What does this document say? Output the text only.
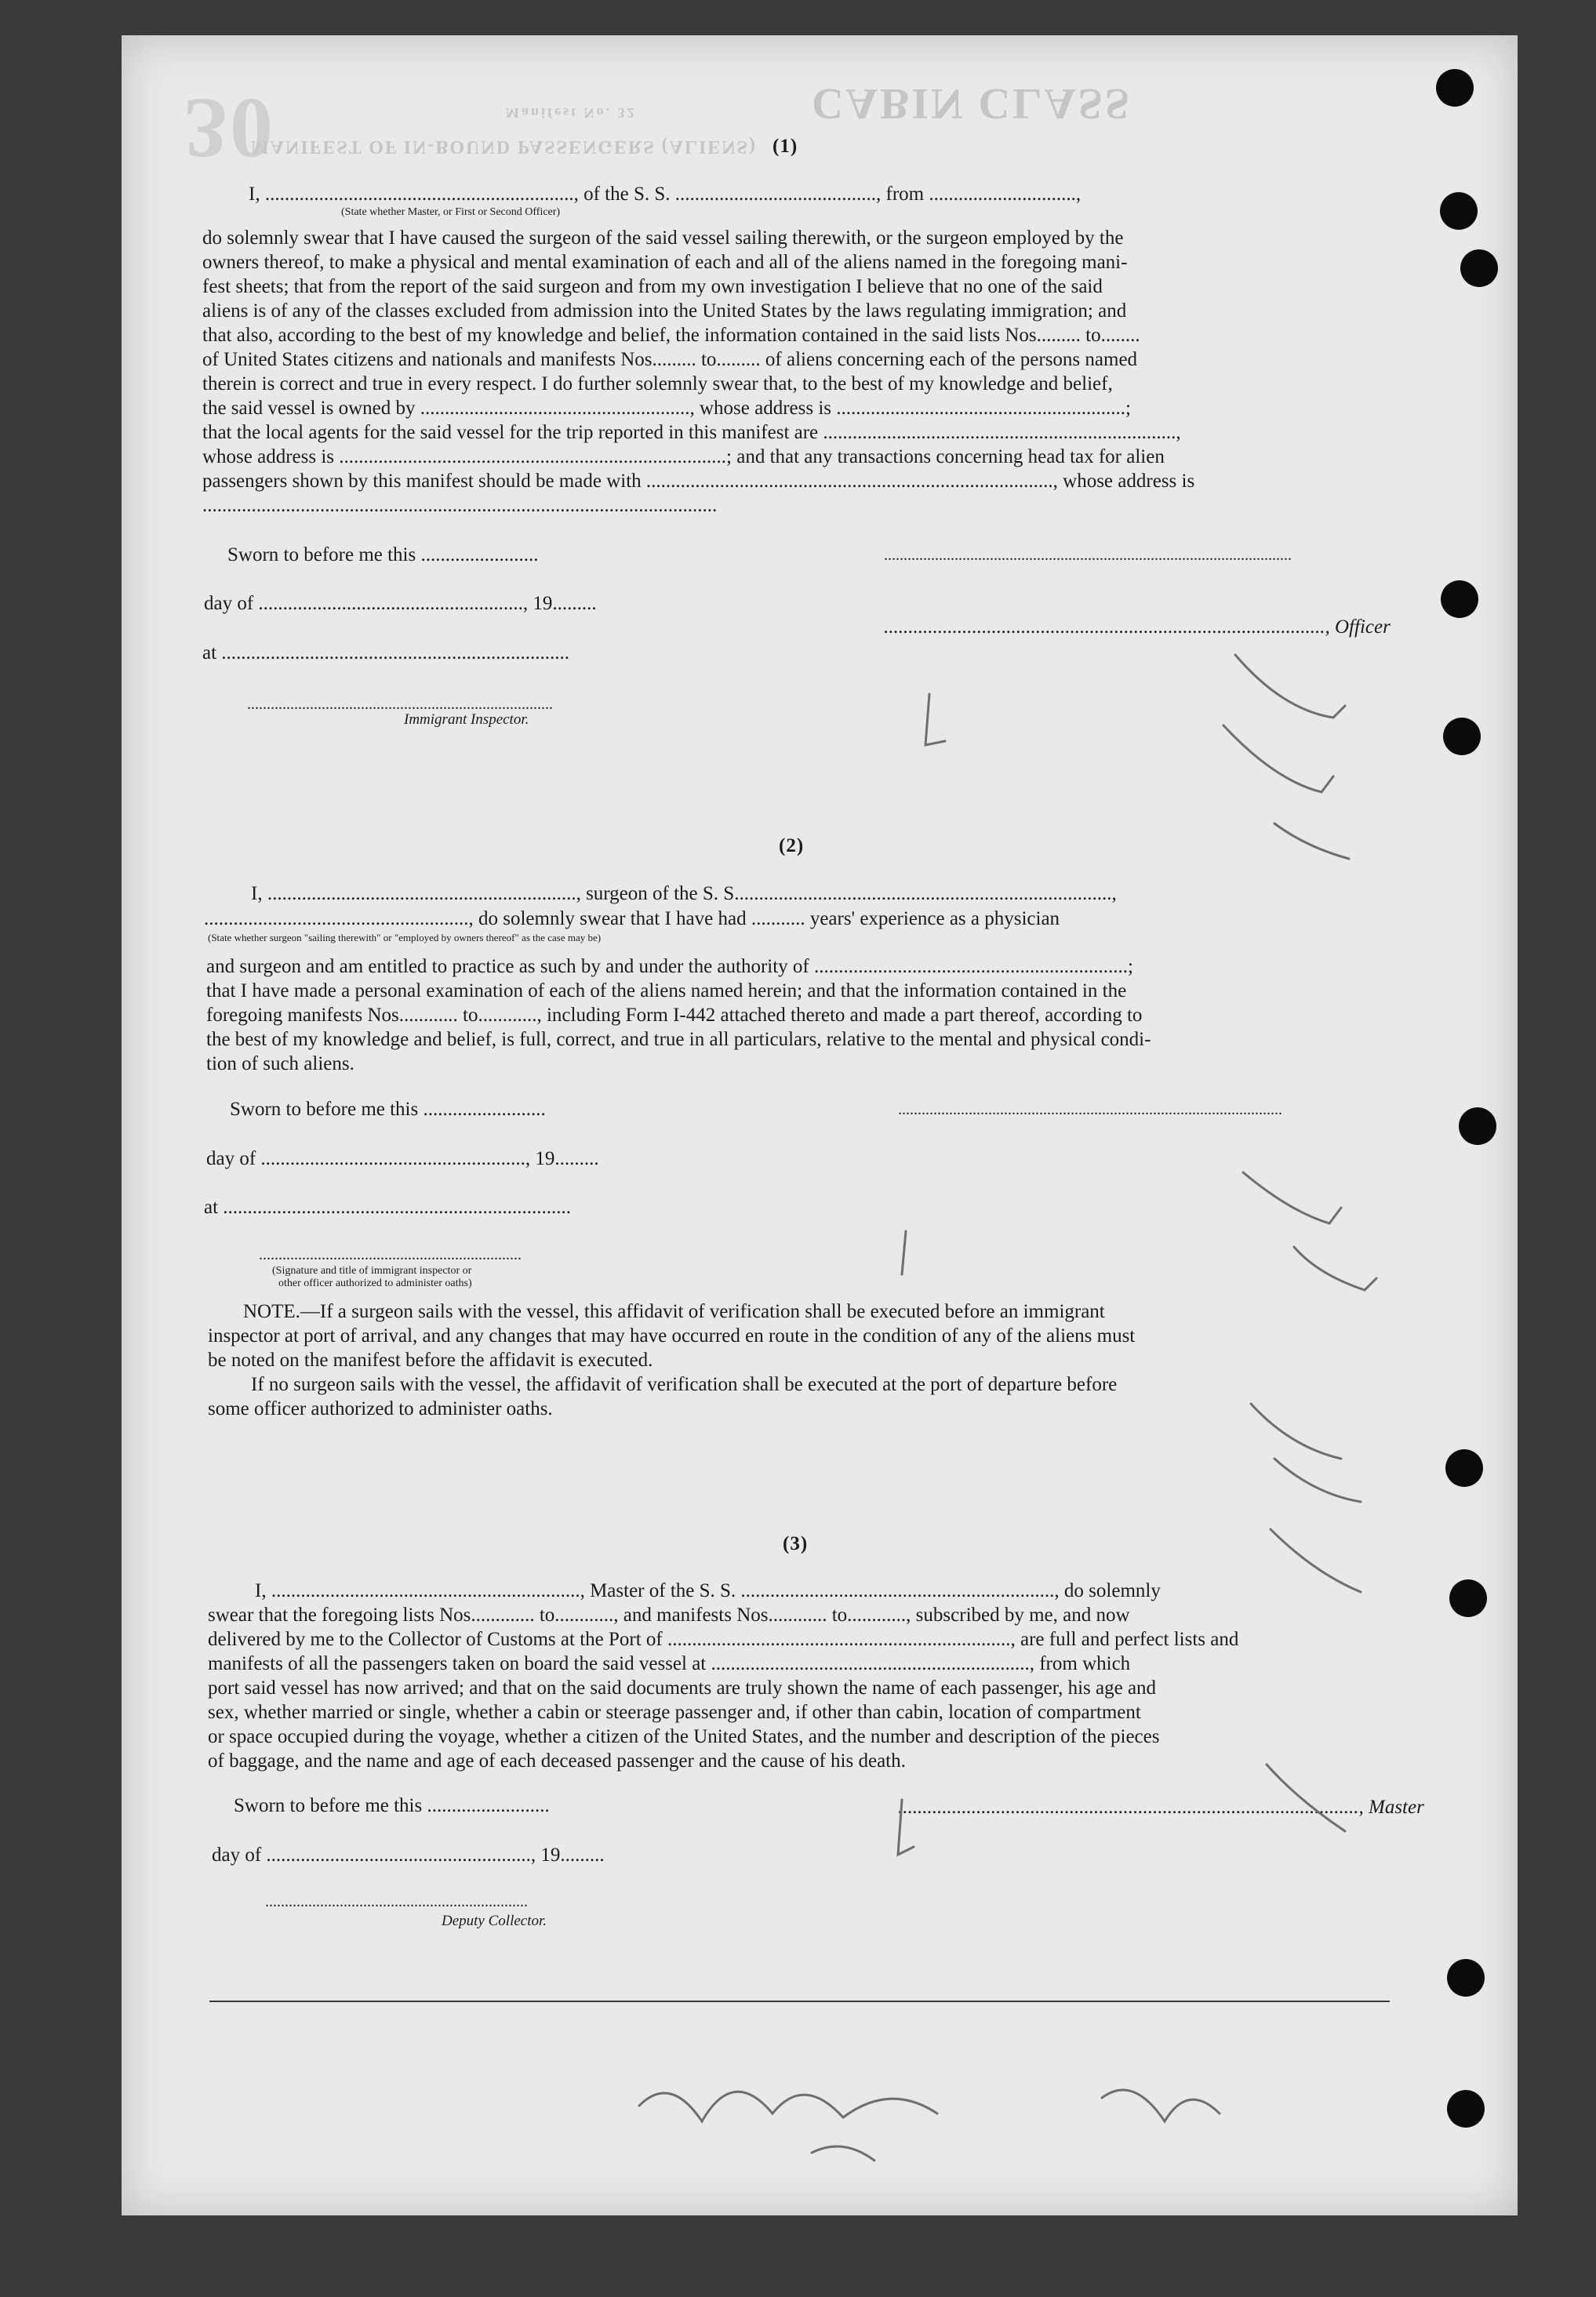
CABIN CLASS
MANIFEST OF IN-BOUND PASSENGERS (ALIENS)
Manifest No. 32
30	(1)
I, ..............................................................., of the S. S. ........................................., from ..............................,
(State whether Master, or First or Second Officer)
do solemnly swear that I have caused the surgeon of the said vessel sailing therewith, or the surgeon employed by the
owners thereof, to make a physical and mental examination of each and all of the aliens named in the foregoing mani-
fest sheets; that from the report of the said surgeon and from my own investigation I believe that no one of the said
aliens is of any of the classes excluded from admission into the United States by the laws regulating immigration; and
that also, according to the best of my knowledge and belief, the information contained in the said lists Nos......... to........
of United States citizens and nationals and manifests Nos......... to......... of aliens concerning each of the persons named
therein is correct and true in every respect. I do further solemnly swear that, to the best of my knowledge and belief,
the said vessel is owned by ......................................................., whose address is ...........................................................;
that the local agents for the said vessel for the trip reported in this manifest are ........................................................................,
whose address is ...............................................................................; and that any transactions concerning head tax for alien
passengers shown by this manifest should be made with ..................................................................................., whose address is
.........................................................................................................
Sworn to before me this ........................	........................................................................................................
day of ......................................................, 19.........
.........................................................................................., Officer
at .......................................................................
..............................................................................
Immigrant Inspector.
(2)
I, ..............................................................., surgeon of the S. S.............................................................................,
......................................................, do solemnly swear that I have had ........... years' experience as a physician
(State whether surgeon "sailing therewith" or "employed by owners thereof" as the case may be)
and surgeon and am entitled to practice as such by and under the authority of ................................................................;
that I have made a personal examination of each of the aliens named herein; and that the information contained in the
foregoing manifests Nos............ to............, including Form I-442 attached thereto and made a part thereof, according to
the best of my knowledge and belief, is full, correct, and true in all particulars, relative to the mental and physical condi-
tion of such aliens.
Sworn to before me this .........................	..................................................................................................
day of ......................................................, 19.........
at .......................................................................
...................................................................
(Signature and title of immigrant inspector or
other officer authorized to administer oaths)
NOTE.—If a surgeon sails with the vessel, this affidavit of verification shall be executed before an immigrant
inspector at port of arrival, and any changes that may have occurred en route in the condition of any of the aliens must
be noted on the manifest before the affidavit is executed.
If no surgeon sails with the vessel, the affidavit of verification shall be executed at the port of departure before
some officer authorized to administer oaths.
(3)
I, ..............................................................., Master of the S. S. ................................................................, do solemnly
swear that the foregoing lists Nos............. to............, and manifests Nos............ to............, subscribed by me, and now
delivered by me to the Collector of Customs at the Port of ......................................................................, are full and perfect lists and
manifests of all the passengers taken on board the said vessel at ................................................................., from which
port said vessel has now arrived; and that on the said documents are truly shown the name of each passenger, his age and
sex, whether married or single, whether a cabin or steerage passenger and, if other than cabin, location of compartment
or space occupied during the voyage, whether a citizen of the United States, and the number and description of the pieces
of baggage, and the name and age of each deceased passenger and the cause of his death.
Sworn to before me this .........................	.............................................................................................., Master
day of ......................................................, 19.........
...................................................................
Deputy Collector.
